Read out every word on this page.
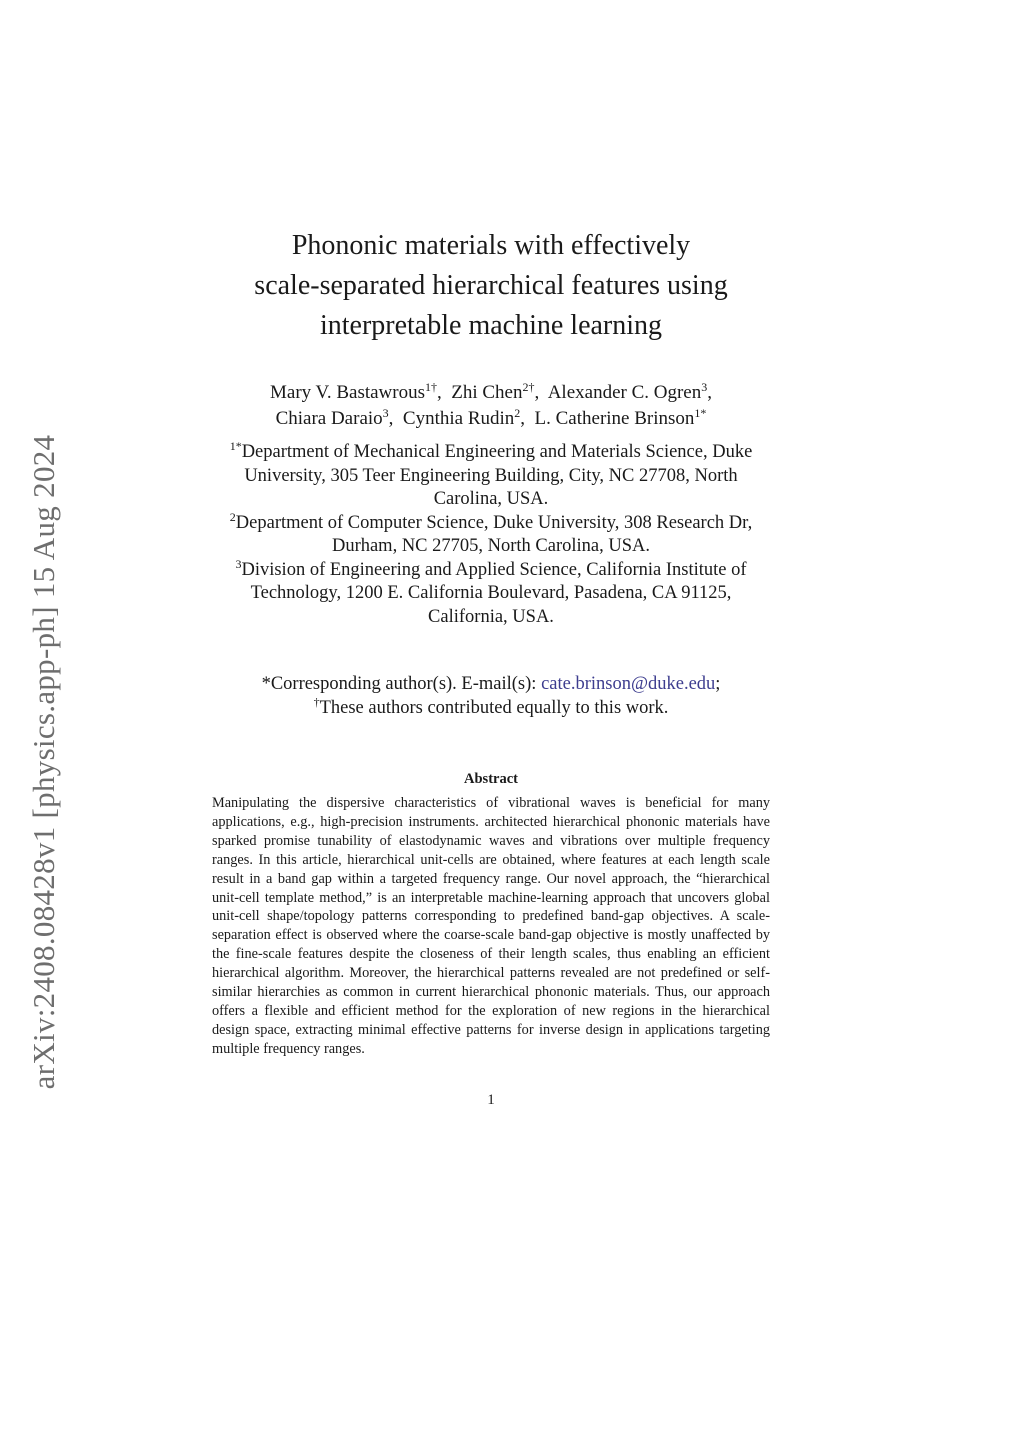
arXiv:2408.08428v1 [physics.app-ph] 15 Aug 2024
Phononic materials with effectively
scale-separated hierarchical features using
interpretable machine learning
Mary V. Bastawrous$^{1\dagger}$, Zhi Chen$^{2\dagger}$, Alexander C. Ogren$^3$,
Chiara Daraio$^3$, Cynthia Rudin$^2$, L. Catherine Brinson$^{1*}$
$^{1*}$Department of Mechanical Engineering and Materials Science, Duke University, 305 Teer Engineering Building, City, NC 27708, North Carolina, USA.
$^2$Department of Computer Science, Duke University, 308 Research Dr, Durham, NC 27705, North Carolina, USA.
$^3$Division of Engineering and Applied Science, California Institute of Technology, 1200 E. California Boulevard, Pasadena, CA 91125, California, USA.
*Corresponding author(s). E-mail(s): cate.brinson@duke.edu;
†These authors contributed equally to this work.
Abstract

Manipulating the dispersive characteristics of vibrational waves is beneficial for many applications, e.g., high-precision instruments. architected hierarchical phononic materials have sparked promise tunability of elastodynamic waves and vibrations over multiple frequency ranges. In this article, hierarchical unit-cells are obtained, where features at each length scale result in a band gap within a targeted frequency range. Our novel approach, the “hierarchical unit-cell template method,” is an interpretable machine-learning approach that uncovers global unit-cell shape/topology patterns corresponding to predefined band-gap objectives. A scale-separation effect is observed where the coarse-scale band-gap objective is mostly unaffected by the fine-scale features despite the closeness of their length scales, thus enabling an efficient hierarchical algorithm. Moreover, the hierarchical patterns revealed are not predefined or self-similar hierarchies as common in current hierarchical phononic materials. Thus, our approach offers a flexible and efficient method for the exploration of new regions in the hierarchical design space, extracting minimal effective patterns for inverse design in applications targeting multiple frequency ranges.

1
